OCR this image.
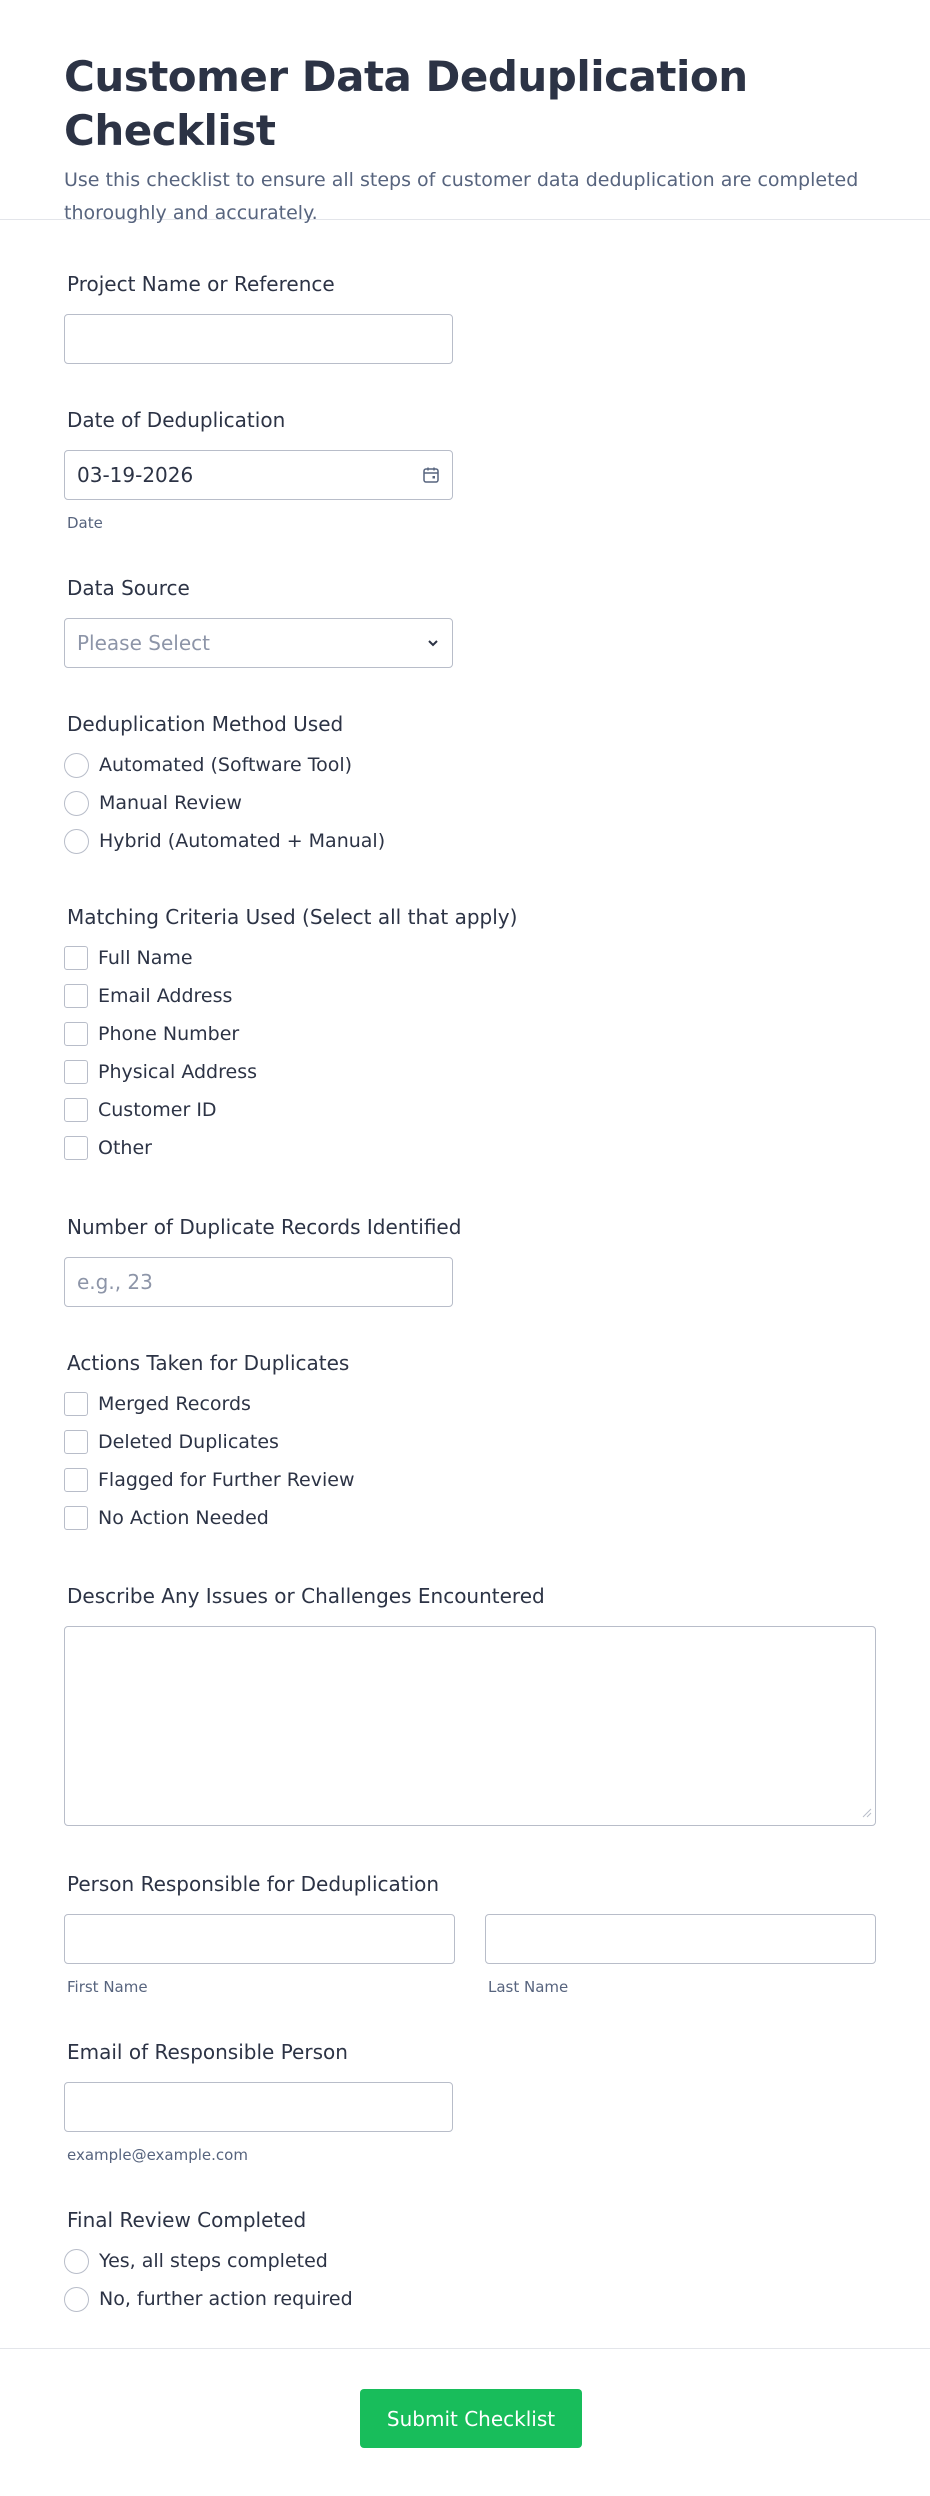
Customer Data Deduplication Checklist
Use this checklist to ensure all steps of customer data deduplication are completed thoroughly and accurately.
Project Name or Reference
Date of Deduplication
03-19-2026
Date
Data Source
Please Select
Deduplication Method Used
Automated (Software Tool)
Manual Review
Hybrid (Automated + Manual)
Matching Criteria Used (Select all that apply)
Full Name
Email Address
Phone Number
Physical Address
Customer ID
Other
Number of Duplicate Records Identified
e.g., 23
Actions Taken for Duplicates
Merged Records
Deleted Duplicates
Flagged for Further Review
No Action Needed
Describe Any Issues or Challenges Encountered
Person Responsible for Deduplication
First Name	Last Name
Email of Responsible Person
example@example.com
Final Review Completed
Yes, all steps completed
No, further action required
Submit Checklist
